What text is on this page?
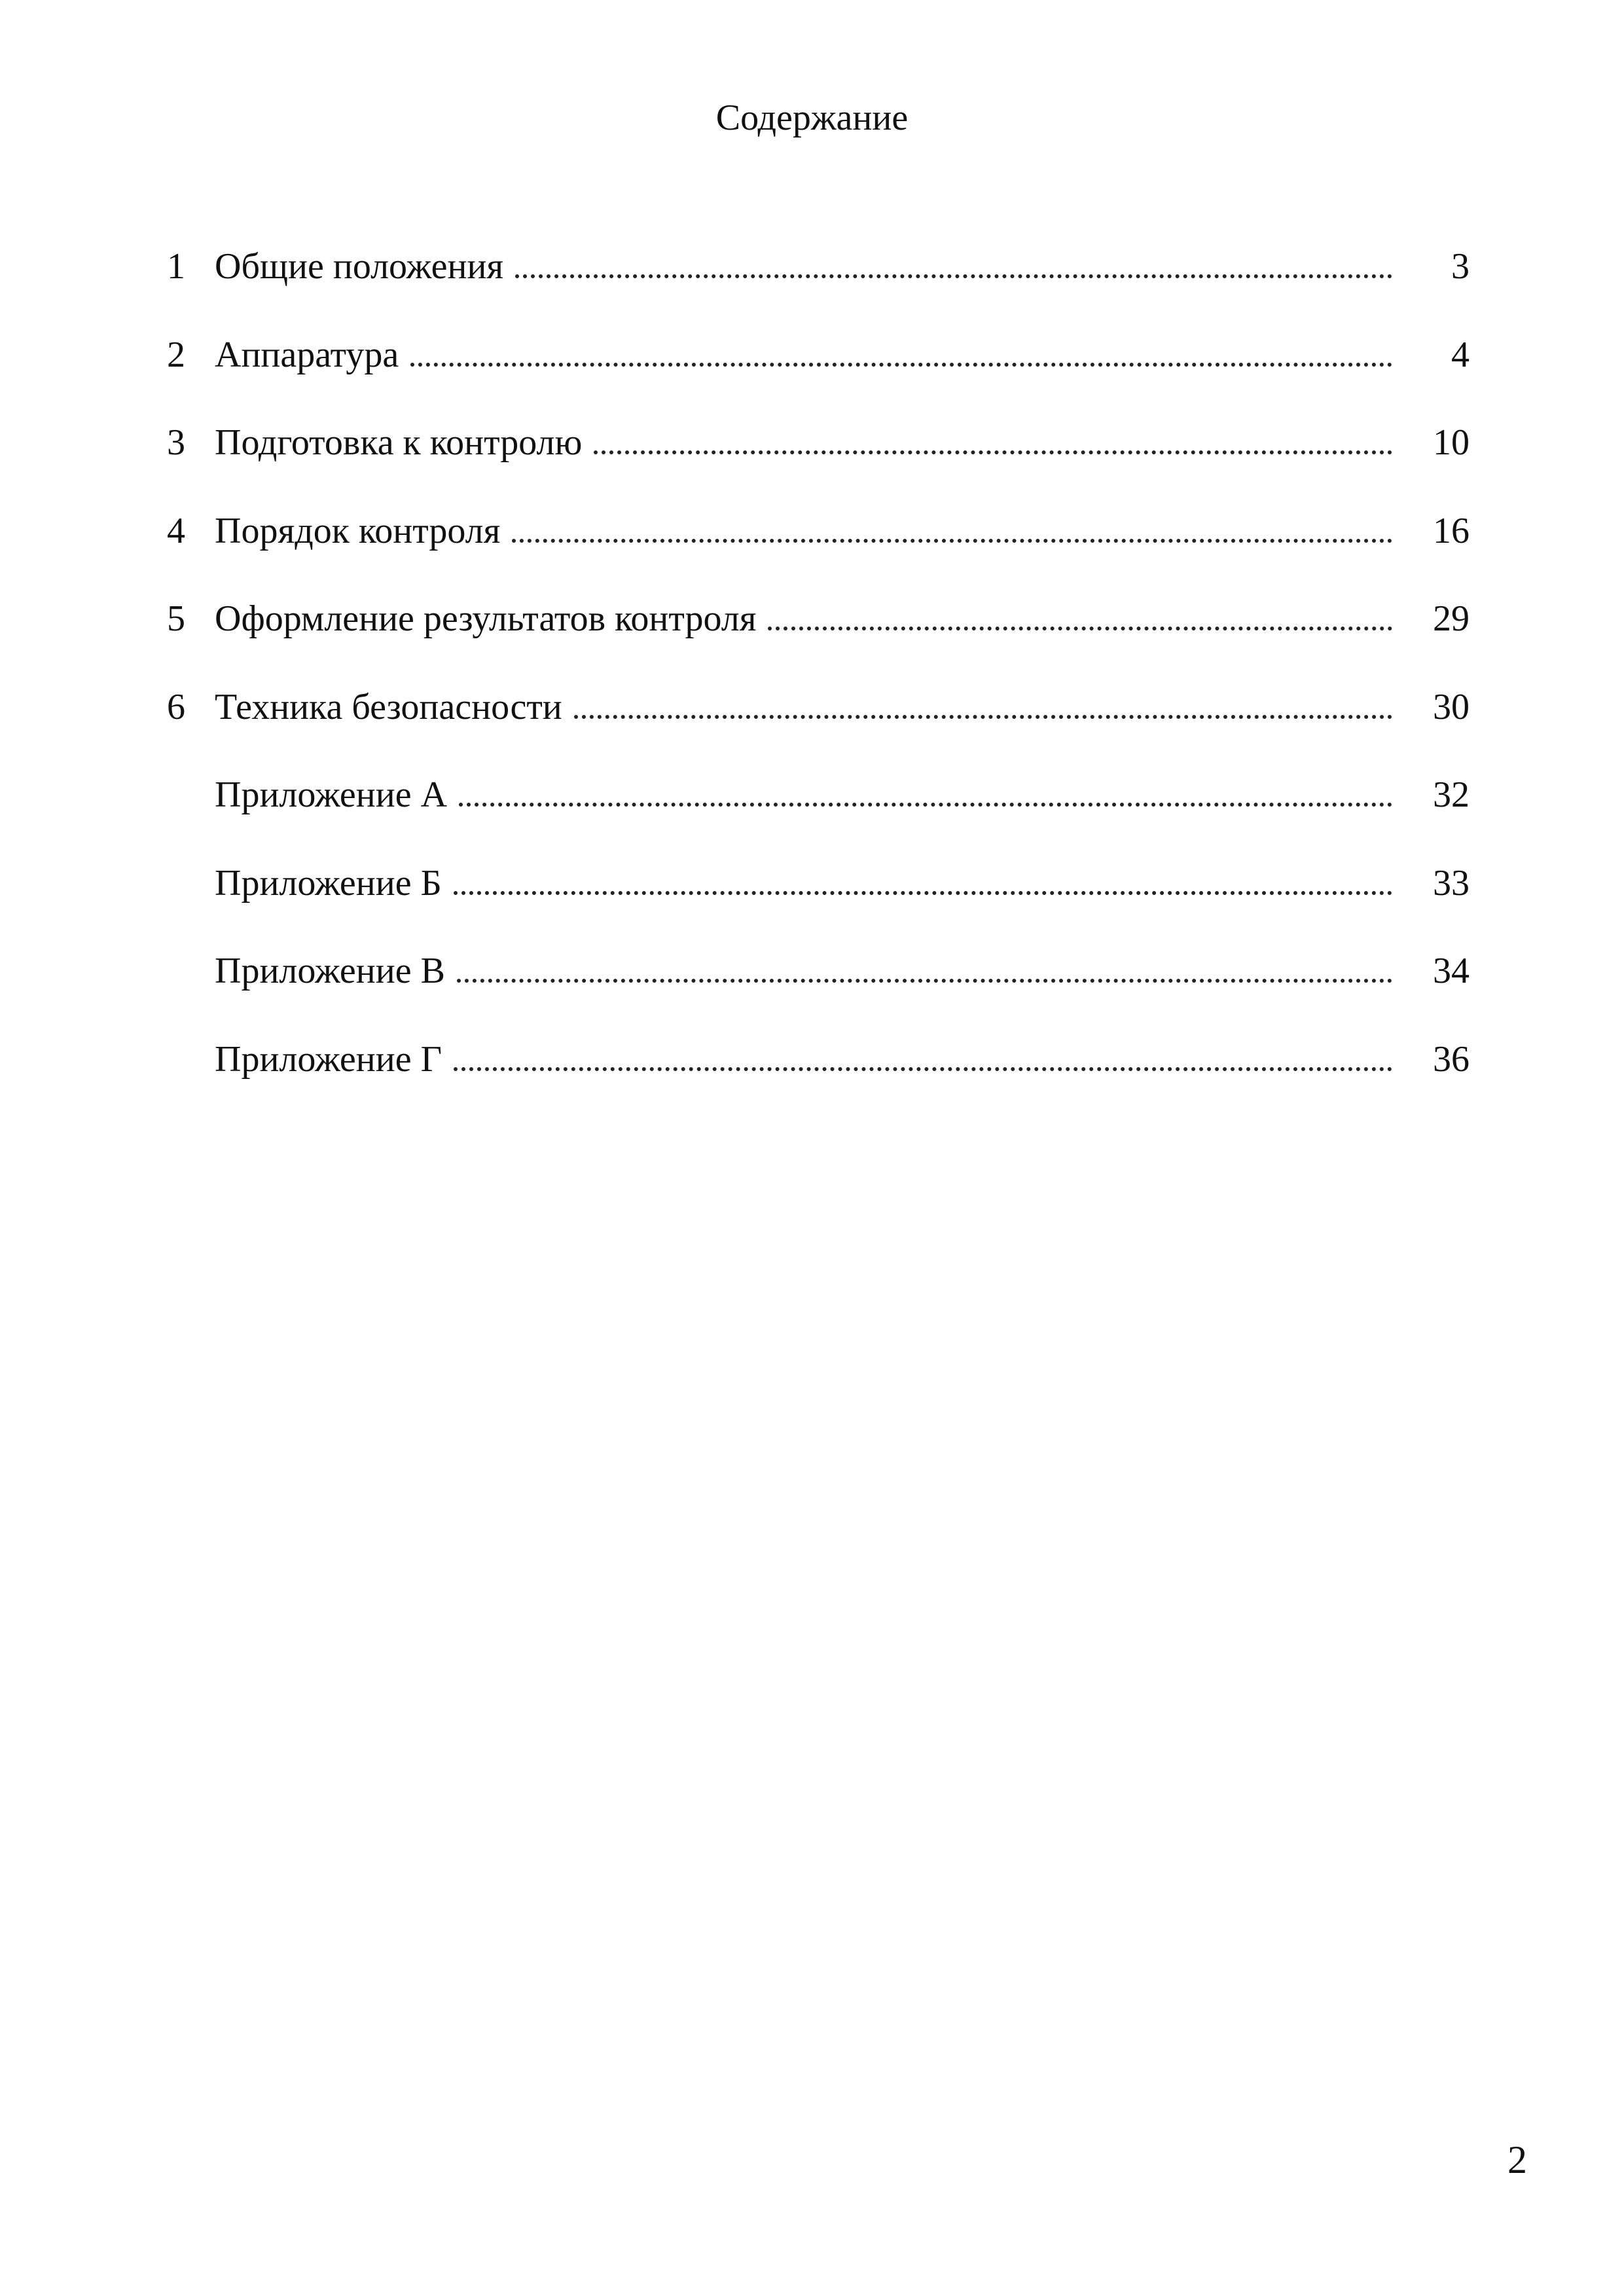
Содержание
1 Общие положения	3
2 Аппаратура	4
3 Подготовка к контролю	10
4 Порядок контроля	16
5 Оформление результатов контроля	29
6 Техника безопасности	30
Приложение А	32
Приложение Б	33
Приложение В	34
Приложение Г	36
2
